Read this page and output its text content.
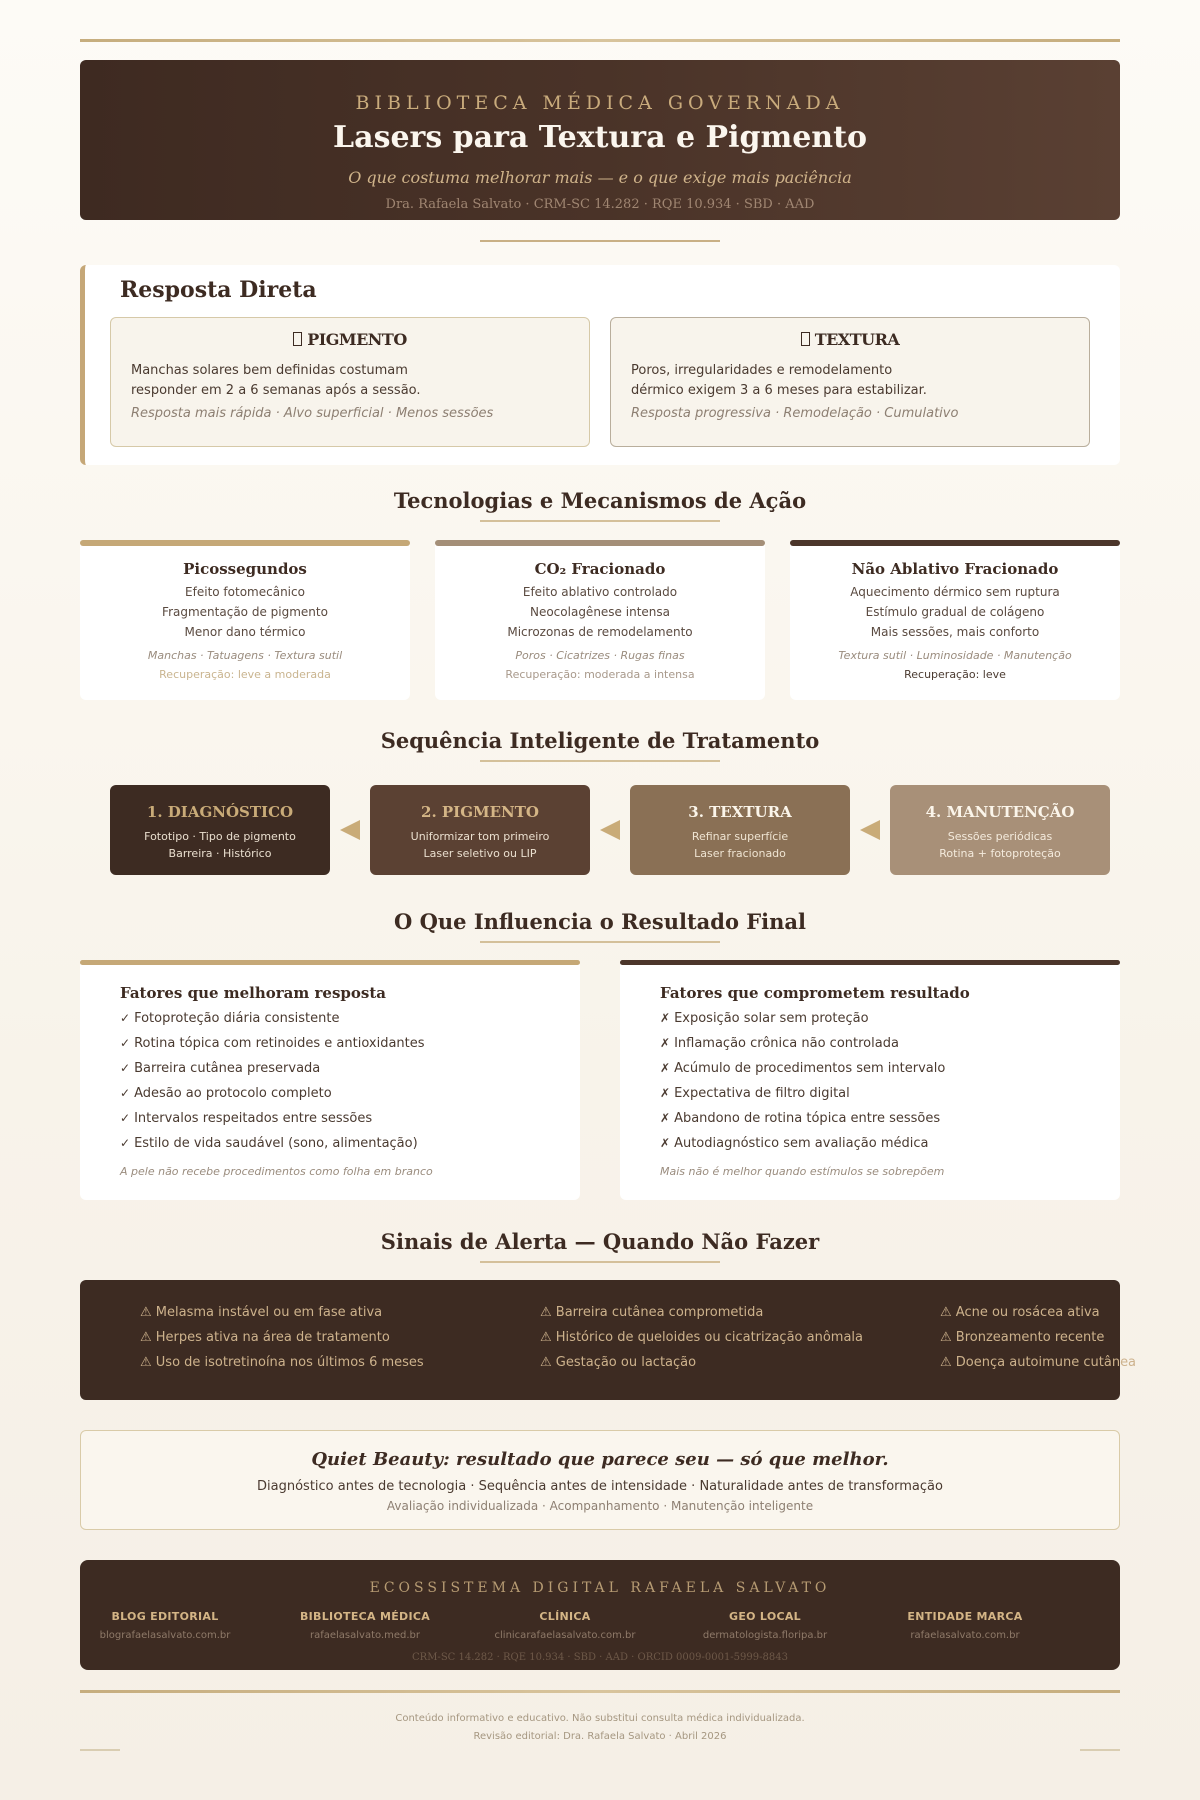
BIBLIOTECA MÉDICA GOVERNADA
Lasers para Textura e Pigmento
O que costuma melhorar mais — e o que exige mais paciência
Dra. Rafaela Salvato · CRM-SC 14.282 · RQE 10.934 · SBD · AAD
Resposta Direta
PIGMENTO
Manchas solares bem definidas costumam
responder em 2 a 6 semanas após a sessão.
Resposta mais rápida · Alvo superficial · Menos sessões
TEXTURA
Poros, irregularidades e remodelamento
dérmico exigem 3 a 6 meses para estabilizar.
Resposta progressiva · Remodelação · Cumulativo
Tecnologias e Mecanismos de Ação
Picossegundos
Efeito fotomecânico
Fragmentação de pigmento
Menor dano térmico
Manchas · Tatuagens · Textura sutil
Recuperação: leve a moderada
CO₂ Fracionado
Efeito ablativo controlado
Neocolagênese intensa
Microzonas de remodelamento
Poros · Cicatrizes · Rugas finas
Recuperação: moderada a intensa
Não Ablativo Fracionado
Aquecimento dérmico sem ruptura
Estímulo gradual de colágeno
Mais sessões, mais conforto
Textura sutil · Luminosidade · Manutenção
Recuperação: leve
Sequência Inteligente de Tratamento
1. DIAGNÓSTICO
Fototipo · Tipo de pigmento
Barreira · Histórico
2. PIGMENTO
Uniformizar tom primeiro
Laser seletivo ou LIP
3. TEXTURA
Refinar superfície
Laser fracionado
4. MANUTENÇÃO
Sessões periódicas
Rotina + fotoproteção
O Que Influencia o Resultado Final
Fatores que melhoram resposta
✓ Fotoproteção diária consistente
✓ Rotina tópica com retinoides e antioxidantes
✓ Barreira cutânea preservada
✓ Adesão ao protocolo completo
✓ Intervalos respeitados entre sessões
✓ Estilo de vida saudável (sono, alimentação)
A pele não recebe procedimentos como folha em branco
Fatores que comprometem resultado
✗ Exposição solar sem proteção
✗ Inflamação crônica não controlada
✗ Acúmulo de procedimentos sem intervalo
✗ Expectativa de filtro digital
✗ Abandono de rotina tópica entre sessões
✗ Autodiagnóstico sem avaliação médica
Mais não é melhor quando estímulos se sobrepõem
Sinais de Alerta — Quando Não Fazer
⚠ Melasma instável ou em fase ativa
⚠ Herpes ativa na área de tratamento
⚠ Uso de isotretinoína nos últimos 6 meses
⚠ Barreira cutânea comprometida
⚠ Histórico de queloides ou cicatrização anômala
⚠ Gestação ou lactação
⚠ Acne ou rosácea ativa
⚠ Bronzeamento recente
⚠ Doença autoimune cutânea
Quiet Beauty: resultado que parece seu — só que melhor.
Diagnóstico antes de tecnologia · Sequência antes de intensidade · Naturalidade antes de transformação
Avaliação individualizada · Acompanhamento · Manutenção inteligente
ECOSSISTEMA DIGITAL RAFAELA SALVATO
BLOG EDITORIAL
blografaelasalvato.com.br
BIBLIOTECA MÉDICA
rafaelasalvato.med.br
CLÍNICA
clinicarafaelasalvato.com.br
GEO LOCAL
dermatologista.floripa.br
ENTIDADE MARCA
rafaelasalvato.com.br
CRM-SC 14.282 · RQE 10.934 · SBD · AAD · ORCID 0009-0001-5999-8843
Conteúdo informativo e educativo. Não substitui consulta médica individualizada.
Revisão editorial: Dra. Rafaela Salvato · Abril 2026
